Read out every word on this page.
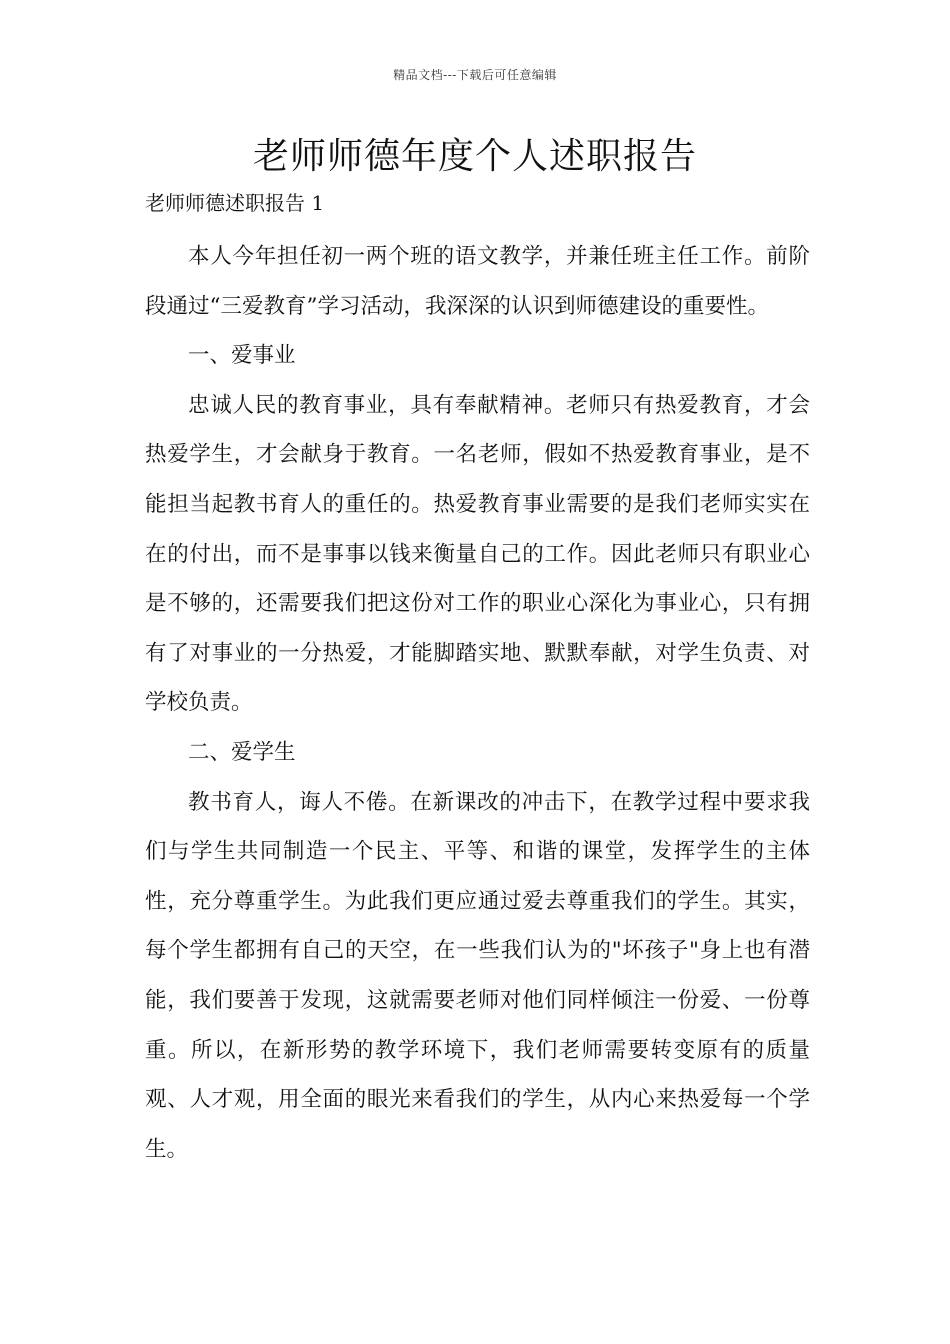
精品文档---下载后可任意编辑
老师师德年度个人述职报告
老师师德述职报告 1

本人今年担任初一两个班的语文教学，并兼任班主任工作。前阶段通过“三爱教育”学习活动，我深深的认识到师德建设的重要性。

一、爱事业

忠诚人民的教育事业，具有奉献精神。老师只有热爱教育，才会热爱学生，才会献身于教育。一名老师，假如不热爱教育事业，是不能担当起教书育人的重任的。热爱教育事业需要的是我们老师实实在在的付出，而不是事事以钱来衡量自己的工作。因此老师只有职业心是不够的，还需要我们把这份对工作的职业心深化为事业心，只有拥有了对事业的一分热爱，才能脚踏实地、默默奉献，对学生负责、对学校负责。

二、爱学生

教书育人，诲人不倦。在新课改的冲击下，在教学过程中要求我们与学生共同制造一个民主、平等、和谐的课堂，发挥学生的主体性，充分尊重学生。为此我们更应通过爱去尊重我们的学生。其实，每个学生都拥有自己的天空，在一些我们认为的"坏孩子"身上也有潜能，我们要善于发现，这就需要老师对他们同样倾注一份爱、一份尊重。所以，在新形势的教学环境下，我们老师需要转变原有的质量观、人才观，用全面的眼光来看我们的学生，从内心来热爱每一个学生。
